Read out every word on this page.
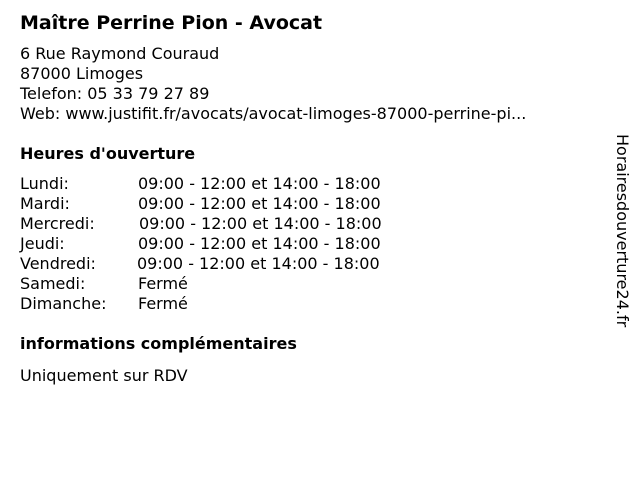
Maître Perrine Pion - Avocat
6 Rue Raymond Couraud
87000 Limoges
Telefon: 05 33 79 27 89
Web: www.justifit.fr/avocats/avocat-limoges-87000-perrine-pi...
Heures d'ouverture
Lundi:	09:00 - 12:00 et 14:00 - 18:00
Mardi:	09:00 - 12:00 et 14:00 - 18:00
Mercredi:	09:00 - 12:00 et 14:00 - 18:00
Jeudi:	09:00 - 12:00 et 14:00 - 18:00
Vendredi:	09:00 - 12:00 et 14:00 - 18:00
Samedi:	Fermé
Dimanche: Fermé
informations complémentaires
Uniquement sur RDV
Horairesdouverture24.fr
